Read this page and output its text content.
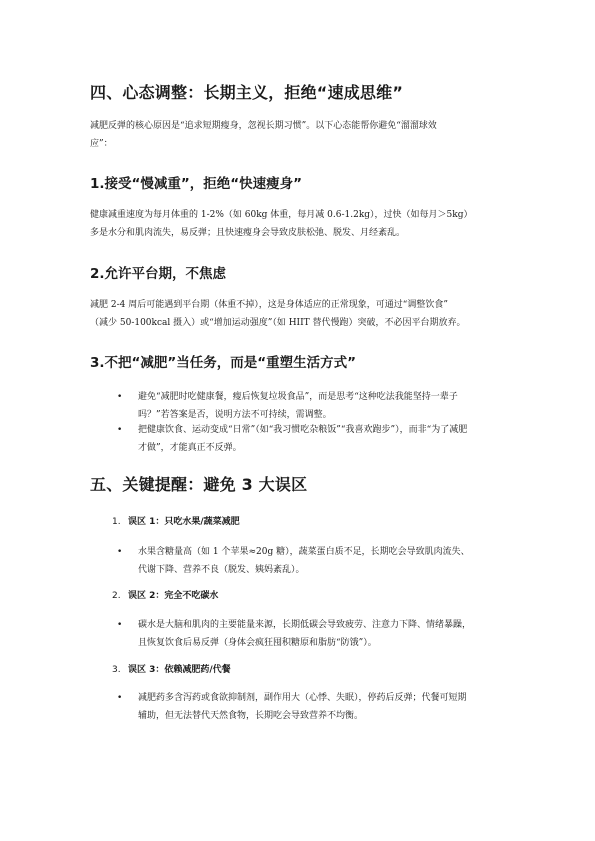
四、心态调整：长期主义，拒绝“速成思维”
减肥反弹的核心原因是“追求短期瘦身，忽视长期习惯”。以下心态能帮你避免“溜溜球效
应”：
1.接受“慢减重”，拒绝“快速瘦身”
健康减重速度为每月体重的 1-2%（如 60kg 体重，每月减 0.6-1.2kg），过快（如每月＞5kg）
多是水分和肌肉流失，易反弹；且快速瘦身会导致皮肤松弛、脱发、月经紊乱。
2.允许平台期，不焦虑
减肥 2-4 周后可能遇到平台期（体重不掉），这是身体适应的正常现象，可通过“调整饮食”
（减少 50-100kcal 摄入）或“增加运动强度”（如 HIIT 替代慢跑）突破，不必因平台期放弃。
3.不把“减肥”当任务，而是“重塑生活方式”
•	避免“减肥时吃健康餐，瘦后恢复垃圾食品”，而是思考“这种吃法我能坚持一辈子
吗？”若答案是否，说明方法不可持续，需调整。
•	把健康饮食、运动变成“日常”（如“我习惯吃杂粮饭”“我喜欢跑步”），而非“为了减肥
才做”，才能真正不反弹。
五、关键提醒：避免 3 大误区
1. 误区 1：只吃水果/蔬菜减肥
•	水果含糖量高（如 1 个苹果≈20g 糖），蔬菜蛋白质不足，长期吃会导致肌肉流失、
代谢下降、营养不良（脱发、姨妈紊乱）。
2. 误区 2：完全不吃碳水
•	碳水是大脑和肌肉的主要能量来源，长期低碳会导致疲劳、注意力下降、情绪暴躁，
且恢复饮食后易反弹（身体会疯狂囤积糖原和脂肪“防饿”）。
3. 误区 3：依赖减肥药/代餐
•	减肥药多含泻药或食欲抑制剂，副作用大（心悸、失眠），停药后反弹；代餐可短期
辅助，但无法替代天然食物，长期吃会导致营养不均衡。
